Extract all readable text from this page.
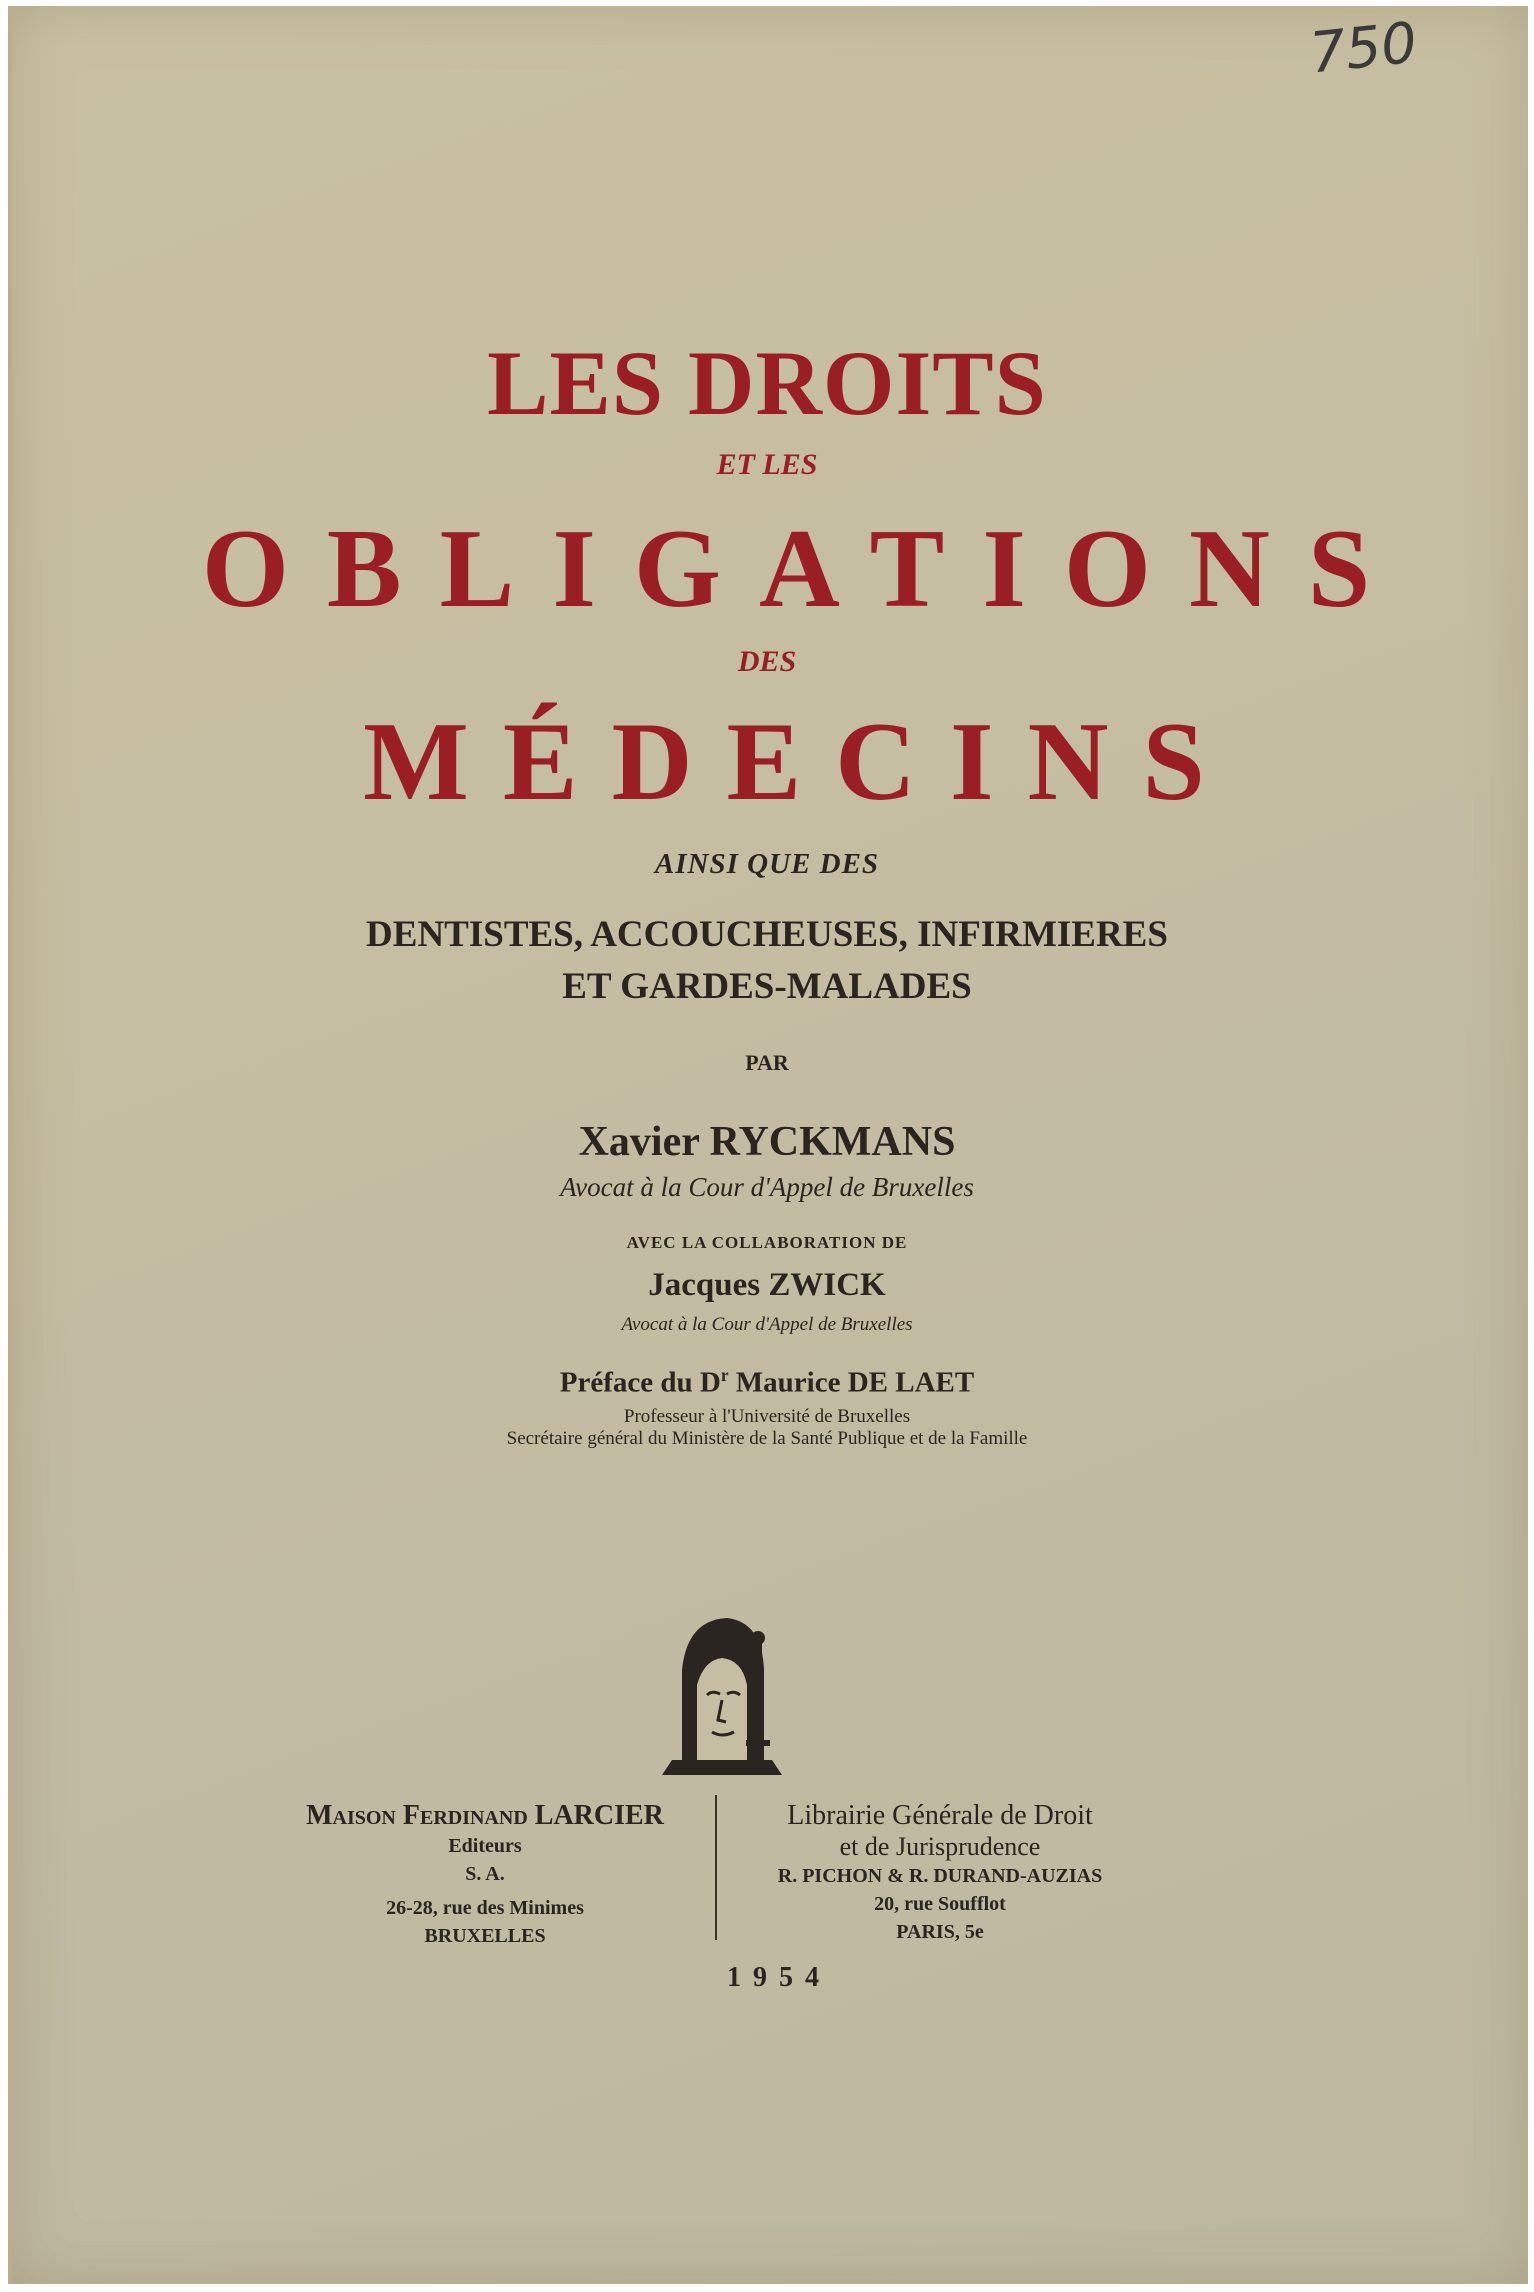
750
LES DROITS
ET LES
OBLIGATIONS
DES
MÉDECINS
AINSI QUE DES
DENTISTES, ACCOUCHEUSES, INFIRMIERES
ET GARDES-MALADES
PAR
Xavier RYCKMANS
Avocat à la Cour d'Appel de Bruxelles
AVEC LA COLLABORATION DE
Jacques ZWICK
Avocat à la Cour d'Appel de Bruxelles
Préface du $D^r$ Maurice DE LAET
Professeur à l'Université de Bruxelles
Secrétaire général du Ministère de la Santé Publique et de la Famille
Maison Ferdinand LARCIER
Editeurs
S. A.
26-28, rue des Minimes
BRUXELLES
Librairie Générale de Droit
et de Jurisprudence
R. PICHON & R. DURAND-AUZIAS
20, rue Soufflot
PARIS, 5e
1954
